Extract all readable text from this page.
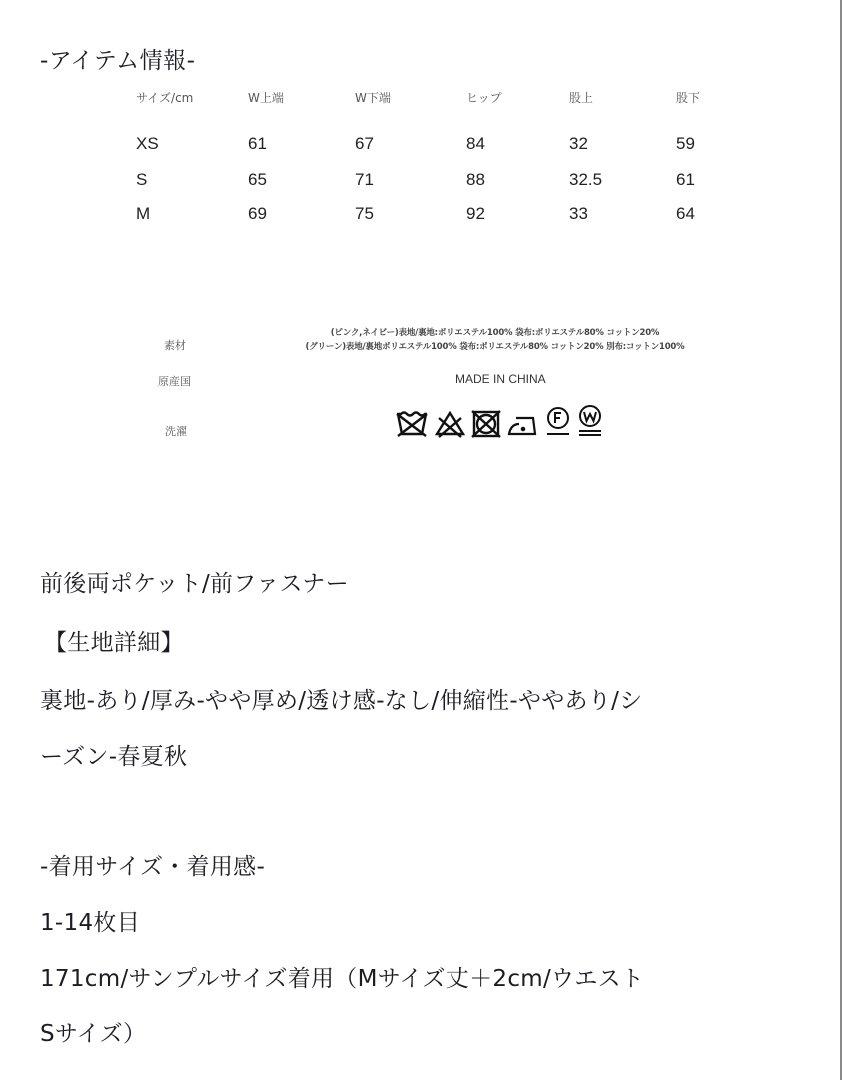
-アイテム情報-
サイズ/cm	W上端	W下端	ヒップ	股上	股下
XS	61	67	84	32	59
S	65	71	88	32.5	61
M	69	75	92	33	64
素材
(ピンク,ネイビー)表地/裏地:ポリエステル100% 袋布:ポリエステル80% コットン20%
(グリーン)表地/裏地ポリエステル100% 袋布:ポリエステル80% コットン20% 別布:コットン100%
原産国	MADE IN CHINA
洗濯
前後両ポケット/前ファスナー
【生地詳細】
裏地-あり/厚み-やや厚め/透け感-なし/伸縮性-ややあり/シ
ーズン-春夏秋
-着用サイズ・着用感-
1-14枚目
171cm/サンプルサイズ着用（Mサイズ丈＋2cm/ウエスト
Sサイズ）
